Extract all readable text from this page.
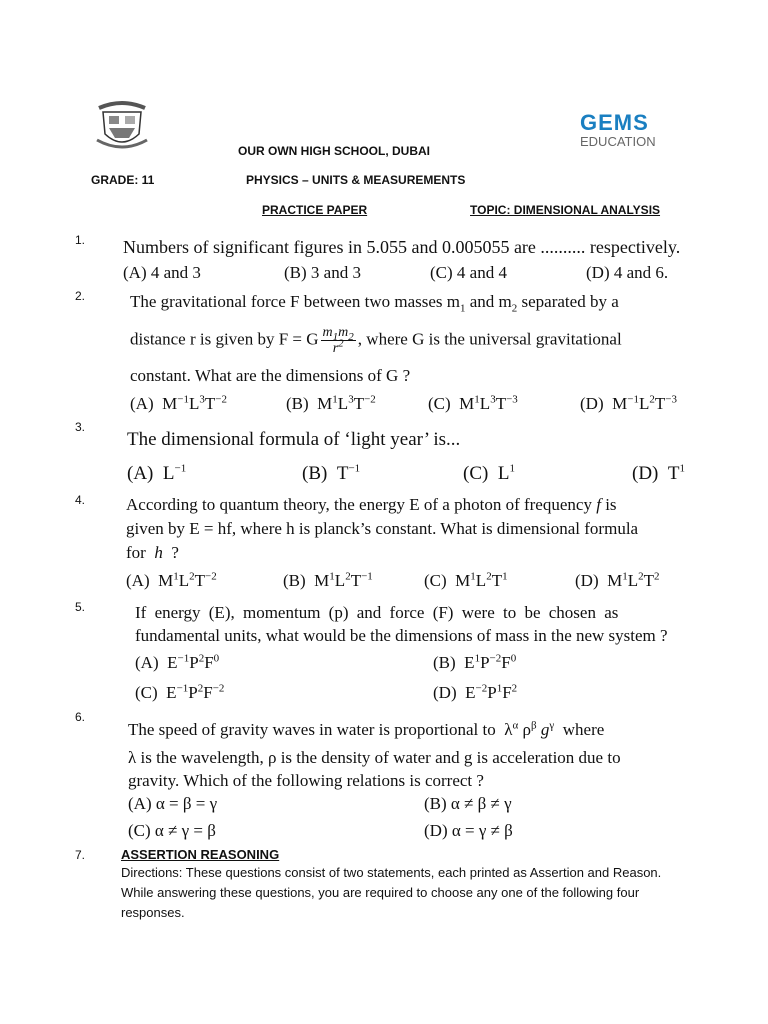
GEMS
EDUCATION
OUR OWN HIGH SCHOOL, DUBAI
GRADE: 11	PHYSICS – UNITS & MEASUREMENTS
PRACTICE PAPER	TOPIC: DIMENSIONAL ANALYSIS
1. Numbers of significant figures in 5.055 and 0.005055 are .......... respectively.
(A) 4 and 3	(B) 3 and 3	(C) 4 and 4	(D) 4 and 6.
2.	The gravitational force F between two masses $m_1$ and $m_2$ separated by a
distance r is given by F = G $\frac{m_1m_2}{r^2}$ , where G is the universal gravitational
constant. What are the dimensions of G ?
(A)  $M^{-1}L^3T^{-2}$	(B)  $M^1L^3T^{-2}$	(C)  $M^1L^3T^{-3}$	(D)  $M^{-1}L^2T^{-3}$
3.
The dimensional formula of ‘light year’ is...
(A)  $L^{-1}$	(B)  $T^{-1}$	(C)  $L^1$	(D)  $T^1$
4. According to quantum theory, the energy E of a photon of frequency f is
given by E = hf, where h is planck’s constant. What is dimensional formula
for h  ?
(A)  $M^1L^2T^{-2}$	(B)  $M^1L^2T^{-1}$	(C)  $M^1L^2T^1$	(D)  $M^1L^2T^2$
5.	If energy (E), momentum (p) and force (F) were to be chosen as
fundamental units, what would be the dimensions of mass in the new system ?
(A)  $E^{-1}P^2F^0$	(B)  $E^1P^{-2}F^0$
(C)  $E^{-1}P^2F^{-2}$	(D)  $E^{-2}P^1F^2$
6.
The speed of gravity waves in water is proportional to  $\lambda^\alpha$ $\rho^\beta$ $g^\gamma$ where
λ is the wavelength, ρ is the density of water and g is acceleration due to
gravity. Which of the following relations is correct ?
(A) α = β = γ	(B) α ≠ β ≠ γ
(C) α ≠ γ = β	(D) α = γ ≠ β
7.	ASSERTION REASONING
Directions: These questions consist of two statements, each printed as Assertion and Reason.
While answering these questions, you are required to choose any one of the following four
responses.
